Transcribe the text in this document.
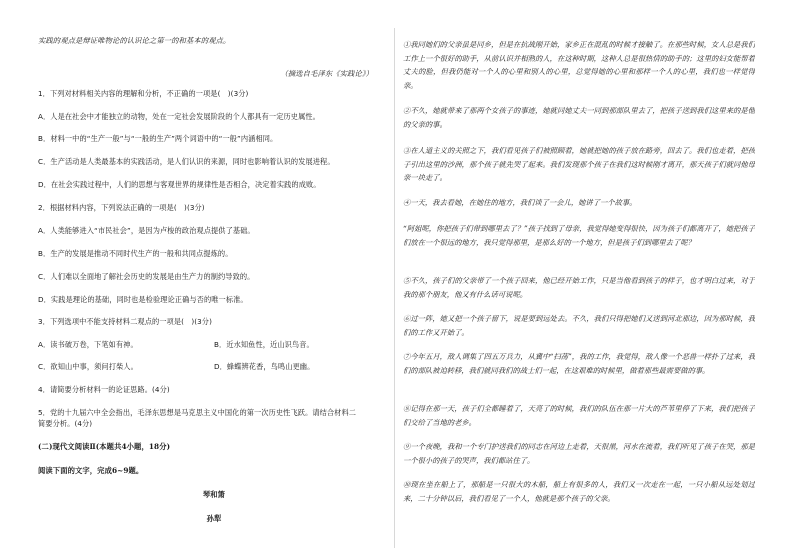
实践的观点是辩证唯物论的认识论之第一的和基本的观点。
（摘选自毛泽东《实践论》）
1．下列对材料相关内容的理解和分析，不正确的一项是(　)(3分)
A．人是在社会中才能独立的动物，处在一定社会发展阶段的个人都具有一定历史属性。
B．材料一中的“生产一般”与“一般的生产”两个词语中的“一般”内涵相同。
C．生产活动是人类最基本的实践活动，是人们认识的来源，同时也影响着认识的发展进程。
D．在社会实践过程中，人们的思想与客观世界的规律性是否相合，决定着实践的成败。
2．根据材料内容，下列说法正确的一项是(　)(3分)
A．人类能够进入“市民社会”，是因为卢梭的政治观点提供了基础。
B．生产的发展是推动不同时代生产的一般和共同点提炼的。
C．人们难以全面地了解社会历史的发展是由生产力的制约导致的。
D．实践是理论的基础，同时也是检验理论正确与否的唯一标准。
3．下列选项中不能支持材料二观点的一项是(　)(3分)
A．读书破万卷，下笔如有神。	B．近水知鱼性，近山识鸟音。
C．欲知山中事，须问打柴人。	D．蜂蝶辨花香，鸟鸣山更幽。
4．请简要分析材料一的论证思路。(4分)
5．党的十九届六中全会指出，毛泽东思想是马克思主义中国化的第一次历史性飞跃。请结合材料二
简要分析。(4分)
(二)现代文阅读Ⅱ(本题共4小题，18分)
阅读下面的文字，完成6~9题。
琴和箫
孙犁
①我同她们的父亲虽是同乡，但是在抗战刚开始，家乡正在混乱的时候才接触了。在那些时候，女人总是我们工作上一个很好的助手，从前认识并相熟的人，在这种时期，这种人总是很热情的助手的；这里的妇女能帮着丈夫的脸，但我仍能对一个人的心里和别人的心里，总觉得她的心里和那样一个人的心里，我们也一样觉得亲。
②不久，她就带来了那两个女孩子的事迹，她就同她丈夫一同到那部队里去了，把孩子送到我们这里来的是他的父亲的事。
③在人道主义的关照之下，我们看见孩子们被照顾着，她就把她的孩子放在路旁，回去了。我们也走着，把孩子引出这里的沙洲，那个孩子就先哭了起来。我们发现那个孩子在我们这时候刚才离开，那天孩子们就同他母亲一块走了。
④一天，我去看她，在她住的地方，我们谈了一会儿，她讲了一个故事。
“阿姐呢，你把孩子们带到哪里去了？”孩子找到了母亲，我觉得她变得很快，因为孩子们都离开了，她把孩子们放在一个很远的地方，我只觉得那里，是那么好的一个地方，但是孩子们到哪里去了呢？
⑤不久，孩子们的父亲带了一个孩子回来，他已经开始工作，只是当他看到孩子的样子，也才明白过来，对于我的那个朋友，他又有什么话可说呢。
⑥过一阵，她又把一个孩子留下，说是要到远处去。不久，我们只得把她们又送到河北那边，因为那时候，我们的工作又开始了。
⑦今年五月，敌人调集了四五万兵力，从冀中“扫荡”，我的工作，我觉得，敌人像一个恶兽一样扑了过来，我们的部队被迫转移，我们就同我们的战士们一起，在这艰难的时候里，做着那些最需要做的事。
⑧记得在那一天，孩子们全都睡着了，天亮了的时候，我们的队伍在那一片大的芦苇里停了下来，我们把孩子们交给了当地的老乡。
⑨一个夜晚，我和一个专门护送我们的同志在河边上走着，天很黑，河水在流着，我们听见了孩子在哭，那是一个很小的孩子的哭声，我们都站住了。
⑩现在坐在船上了，那船是一只很大的木船，船上有很多的人，我们又一次走在一起，一只小船从远处划过来，二十分钟以后，我们看见了一个人，他就是那个孩子的父亲。
